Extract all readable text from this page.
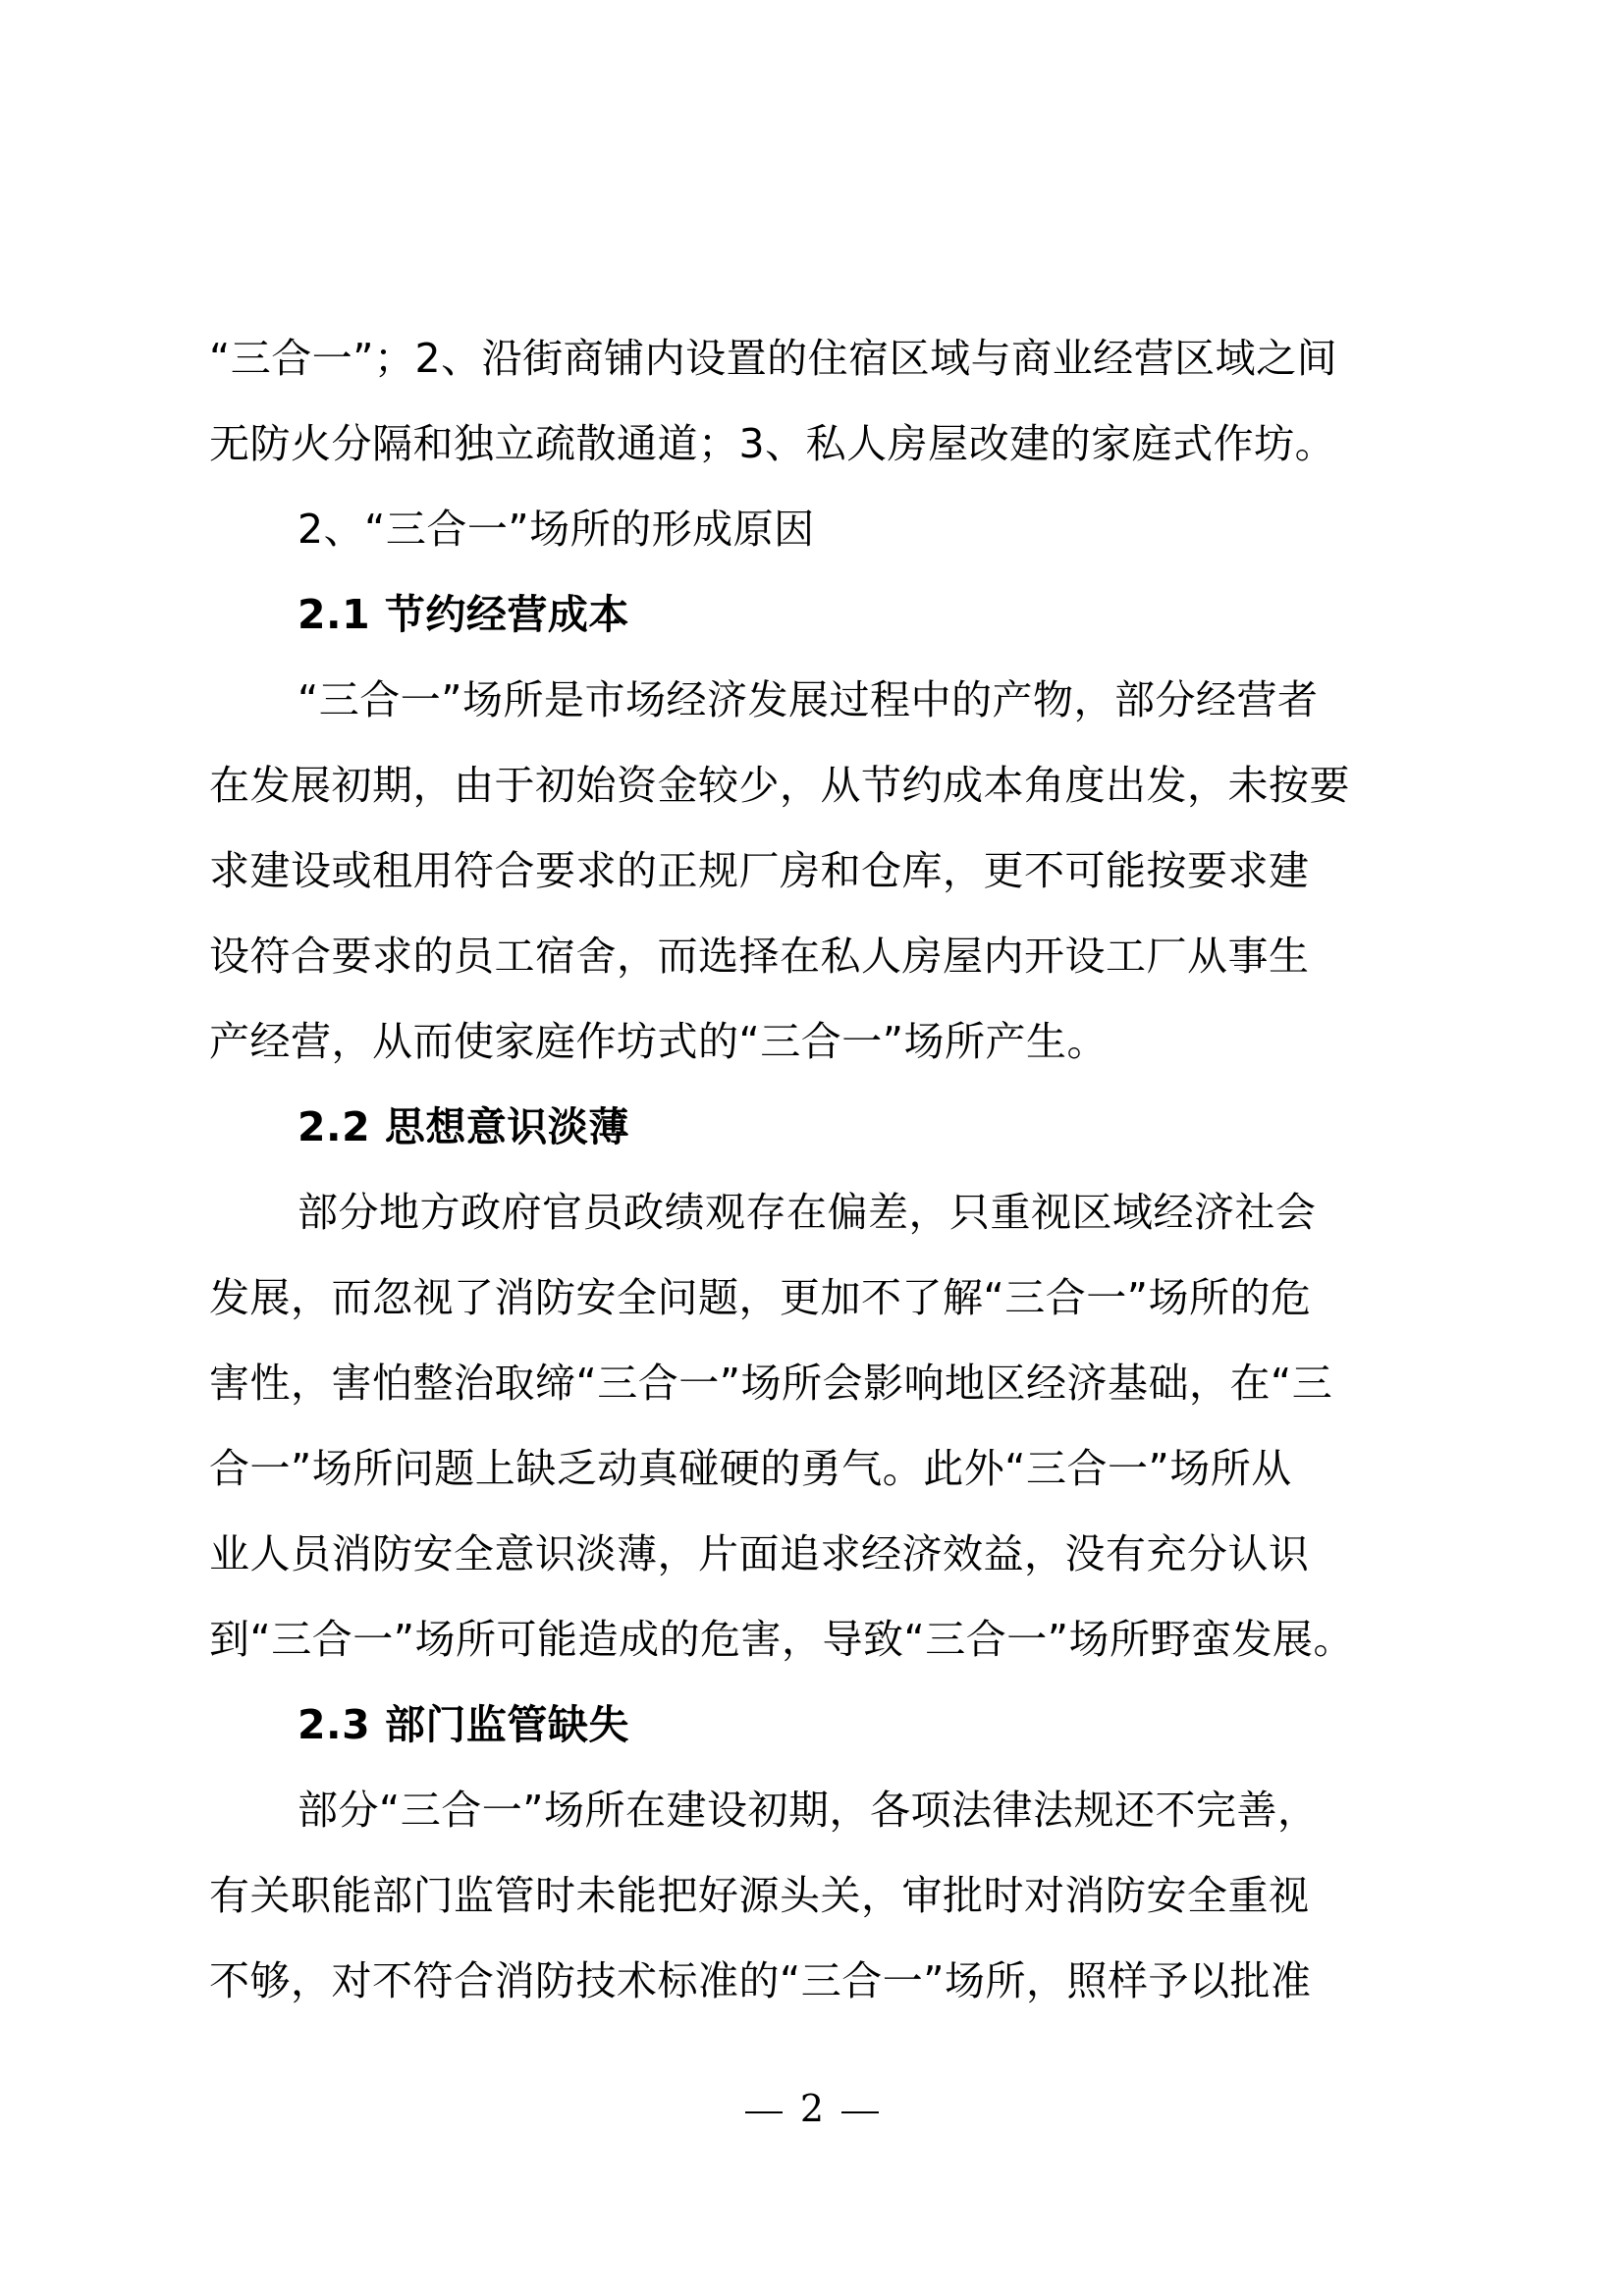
“三合一”；2、沿街商铺内设置的住宿区域与商业经营区域之间
无防火分隔和独立疏散通道；3、私人房屋改建的家庭式作坊。
2、“三合一”场所的形成原因
2.1 节约经营成本
“三合一”场所是市场经济发展过程中的产物，部分经营者
在发展初期，由于初始资金较少，从节约成本角度出发，未按要
求建设或租用符合要求的正规厂房和仓库，更不可能按要求建
设符合要求的员工宿舍，而选择在私人房屋内开设工厂从事生
产经营，从而使家庭作坊式的“三合一”场所产生。
2.2 思想意识淡薄
部分地方政府官员政绩观存在偏差，只重视区域经济社会
发展，而忽视了消防安全问题，更加不了解“三合一”场所的危
害性，害怕整治取缔“三合一”场所会影响地区经济基础，在“三
合一”场所问题上缺乏动真碰硬的勇气。此外“三合一”场所从
业人员消防安全意识淡薄，片面追求经济效益，没有充分认识
到“三合一”场所可能造成的危害，导致“三合一”场所野蛮发展。
2.3 部门监管缺失
部分“三合一”场所在建设初期，各项法律法规还不完善，
有关职能部门监管时未能把好源头关，审批时对消防安全重视
不够，对不符合消防技术标准的“三合一”场所，照样予以批准
2
